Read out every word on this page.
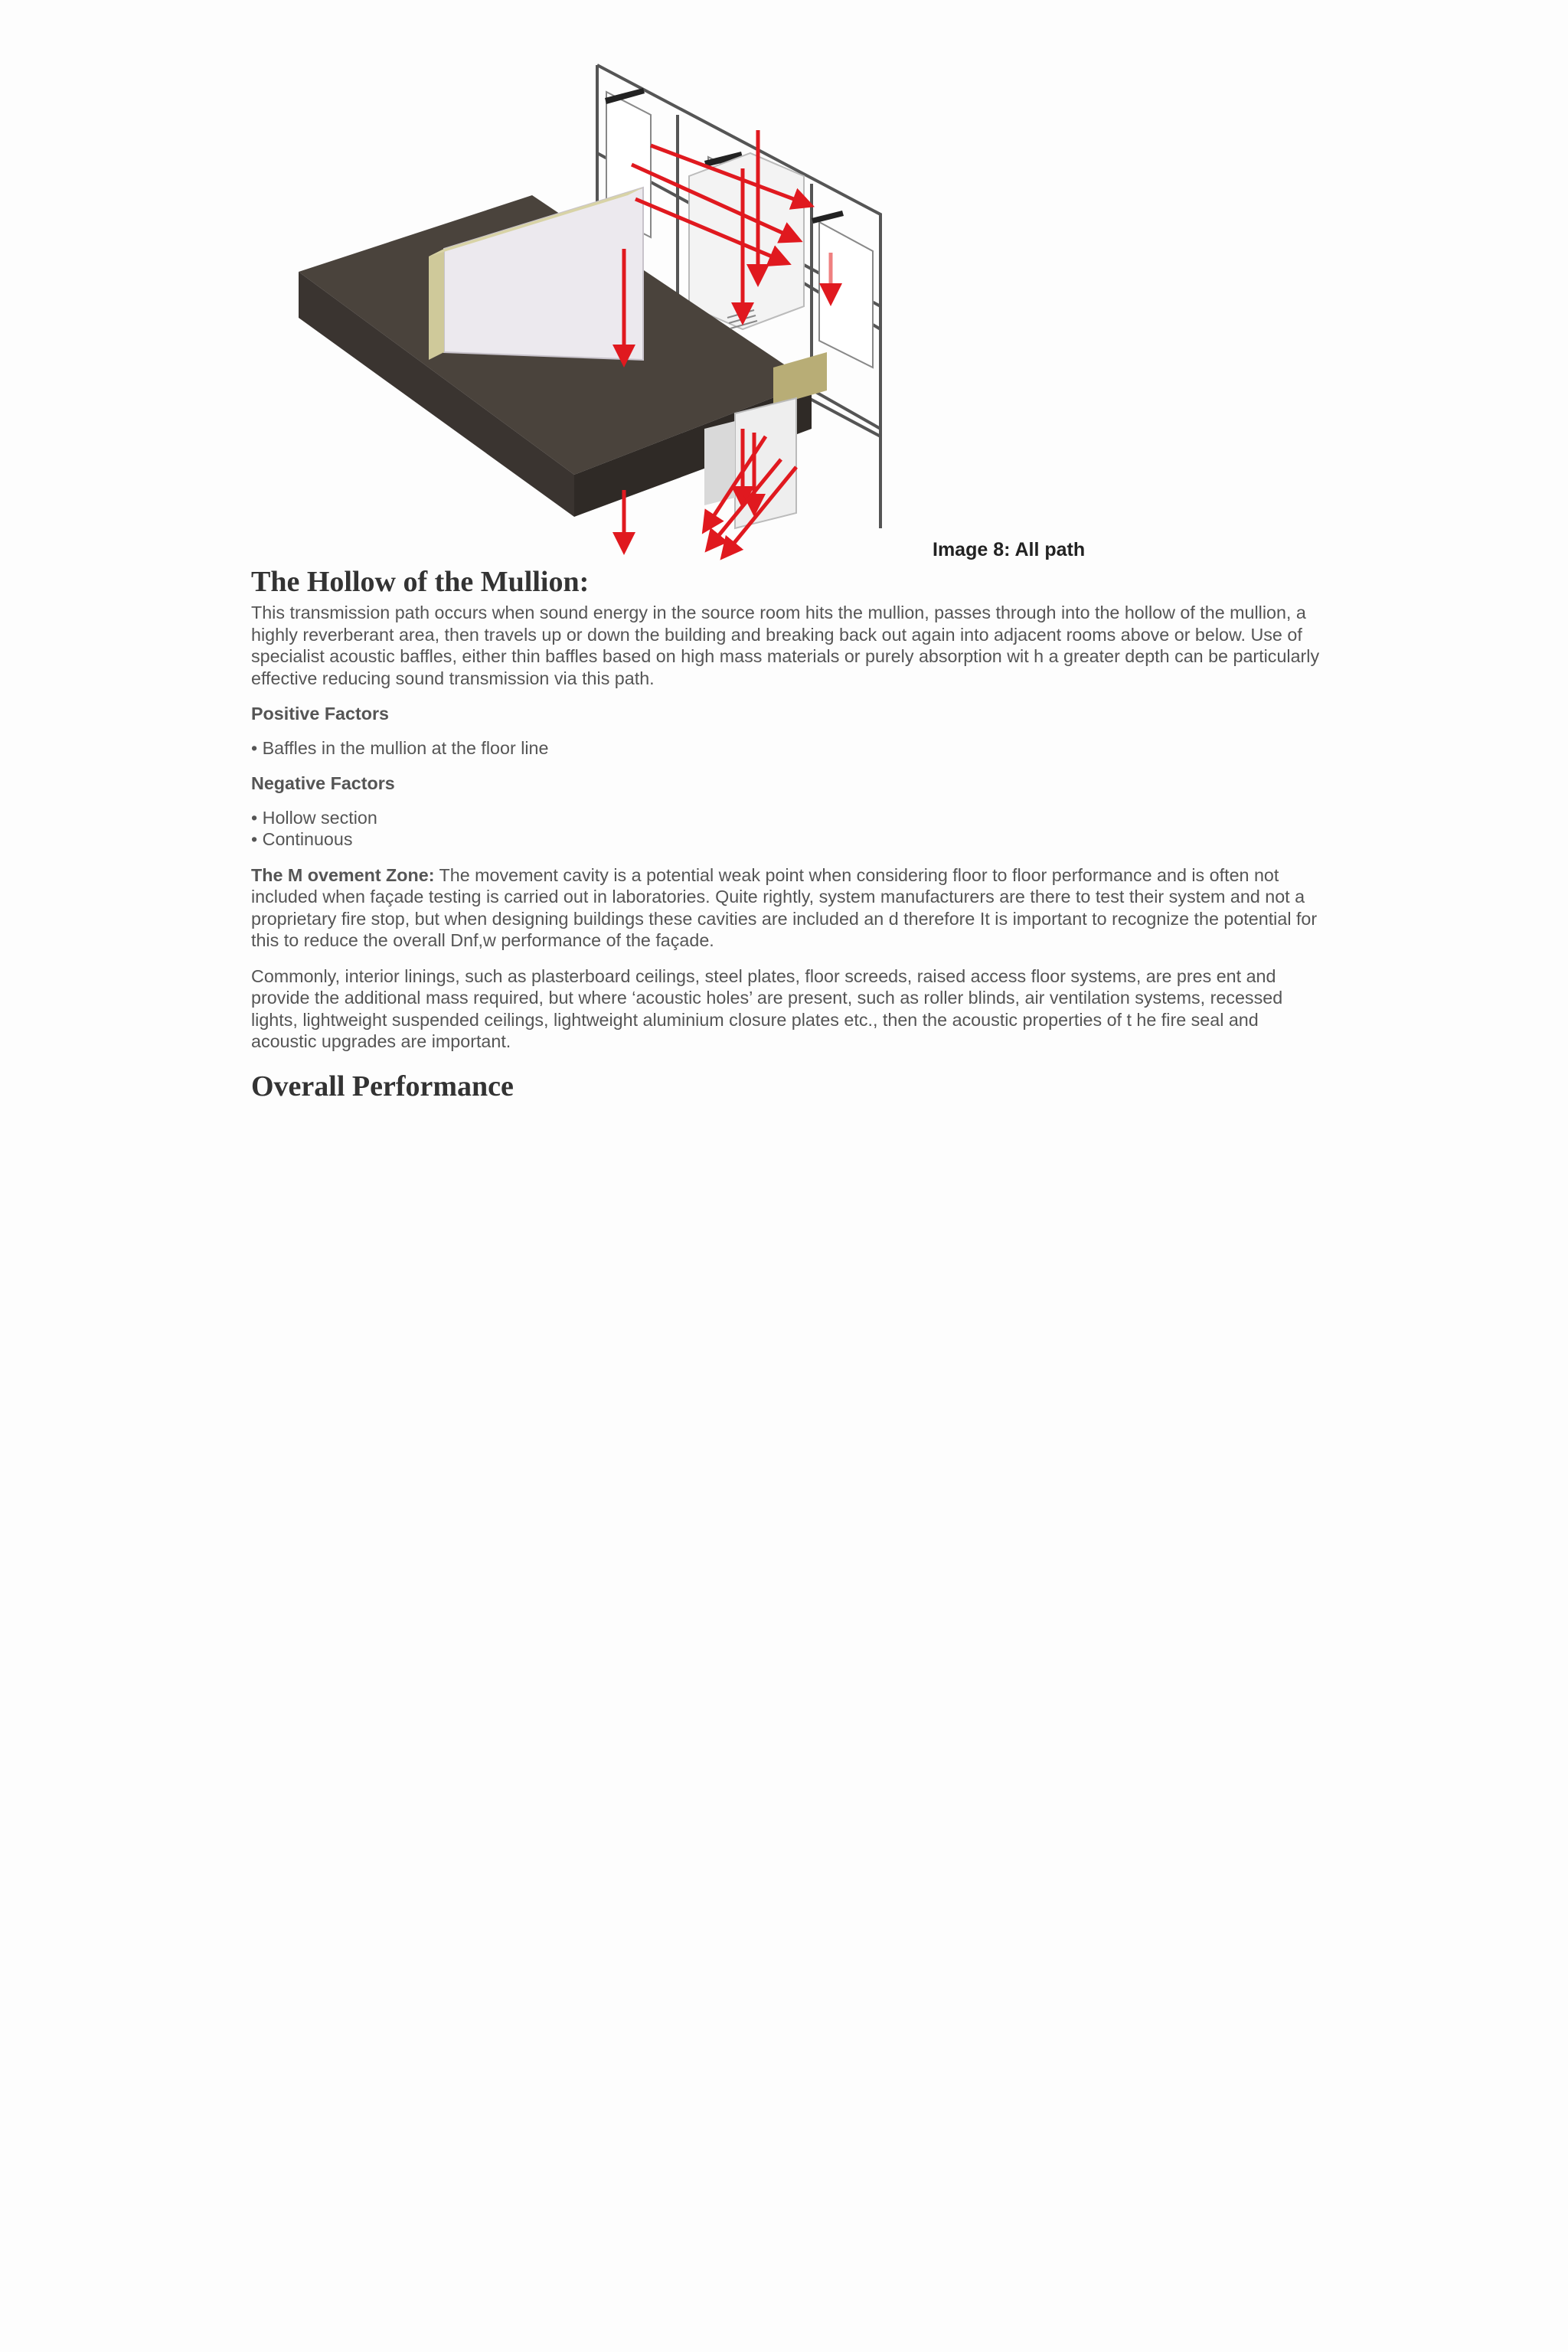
Image 8: All path
The Hollow of the Mullion:

This transmission path occurs when sound energy in the source room hits the mullion, passes through into the hollow of the mullion, a highly reverberant area, then travels up or down the building and breaking back out again into adjacent rooms above or below. Use of specialist acoustic baffles, either thin baffles based on high mass materials or purely absorption wit h a greater depth can be particularly effective reducing sound transmission via this path.

Positive Factors

• Baffles in the mullion at the floor line

Negative Factors

• Hollow section
• Continuous

The M ovement Zone: The movement cavity is a potential weak point when considering floor to floor performance and is often not included when façade testing is carried out in laboratories. Quite rightly, system manufacturers are there to test their system and not a proprietary fire stop, but when designing buildings these cavities are included an d therefore It is important to recognize the potential for this to reduce the overall Dnf,w performance of the façade.

Commonly, interior linings, such as plasterboard ceilings, steel plates, floor screeds, raised access floor systems, are pres ent and provide the additional mass required, but where ‘acoustic holes’ are present, such as roller blinds, air ventilation systems, recessed lights, lightweight suspended ceilings, lightweight aluminium closure plates etc., then the acoustic properties of t he fire seal and acoustic upgrades are important.

Overall Performance
